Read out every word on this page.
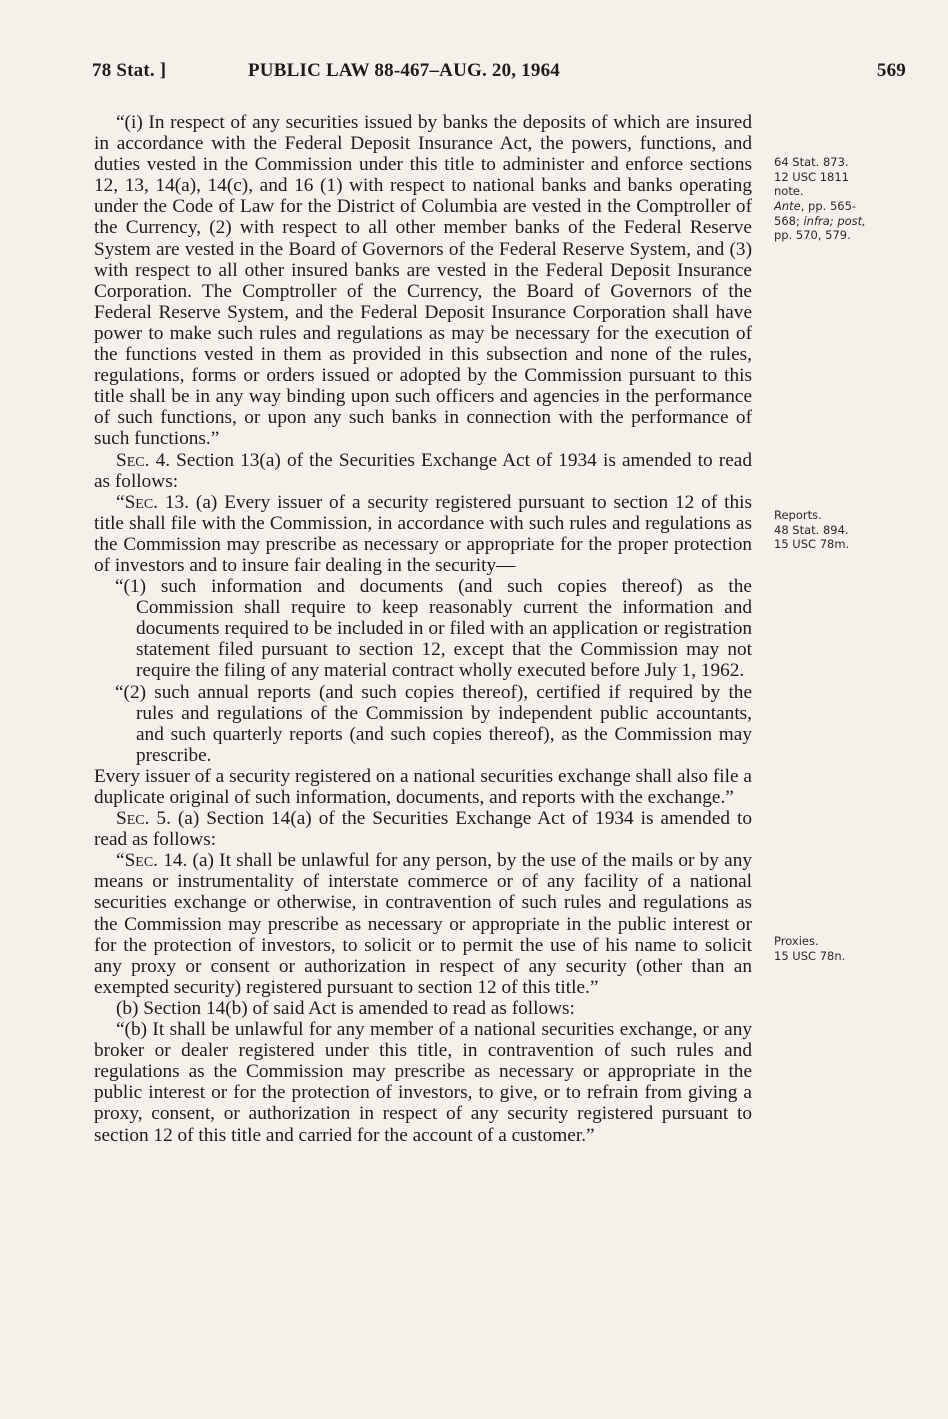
78 Stat. ]	PUBLIC LAW 88-467–AUG. 20, 1964	569

“(i) In respect of any securities issued by banks the deposits of which are insured in accordance with the Federal Deposit Insurance Act, the powers, functions, and duties vested in the Commission under this title to administer and enforce sections 12, 13, 14(a), 14(c), and 16 (1) with respect to national banks and banks operating under the Code of Law for the District of Columbia are vested in the Comptroller of the Currency, (2) with respect to all other member banks of the Federal Reserve System are vested in the Board of Governors of the Federal Reserve System, and (3) with respect to all other insured banks are vested in the Federal Deposit Insurance Corporation. The Comptroller of the Currency, the Board of Governors of the Federal Reserve System, and the Federal Deposit Insurance Corporation shall have power to make such rules and regulations as may be necessary for the execution of the functions vested in them as provided in this subsection and none of the rules, regulations, forms or orders issued or adopted by the Commission pursuant to this title shall be in any way binding upon such officers and agencies in the performance of such functions, or upon any such banks in connection with the performance of such functions.”

Sec. 4. Section 13(a) of the Securities Exchange Act of 1934 is amended to read as follows:

“Sec. 13. (a) Every issuer of a security registered pursuant to section 12 of this title shall file with the Commission, in accordance with such rules and regulations as the Commission may prescribe as necessary or appropriate for the proper protection of investors and to insure fair dealing in the security—

“(1) such information and documents (and such copies thereof) as the Commission shall require to keep reasonably current the information and documents required to be included in or filed with an application or registration statement filed pursuant to section 12, except that the Commission may not require the filing of any material contract wholly executed before July 1, 1962.

“(2) such annual reports (and such copies thereof), certified if required by the rules and regulations of the Commission by independent public accountants, and such quarterly reports (and such copies thereof), as the Commission may prescribe.

Every issuer of a security registered on a national securities exchange shall also file a duplicate original of such information, documents, and reports with the exchange.”

Sec. 5. (a) Section 14(a) of the Securities Exchange Act of 1934 is amended to read as follows:

“Sec. 14. (a) It shall be unlawful for any person, by the use of the mails or by any means or instrumentality of interstate commerce or of any facility of a national securities exchange or otherwise, in contravention of such rules and regulations as the Commission may prescribe as necessary or appropriate in the public interest or for the protection of investors, to solicit or to permit the use of his name to solicit any proxy or consent or authorization in respect of any security (other than an exempted security) registered pursuant to section 12 of this title.”

(b) Section 14(b) of said Act is amended to read as follows:

“(b) It shall be unlawful for any member of a national securities exchange, or any broker or dealer registered under this title, in contravention of such rules and regulations as the Commission may prescribe as necessary or appropriate in the public interest or for the protection of investors, to give, or to refrain from giving a proxy, consent, or authorization in respect of any security registered pursuant to section 12 of this title and carried for the account of a customer.”

64 Stat. 873.
12 USC 1811
note.
Ante, pp. 565-
568; infra; post,
pp. 570, 579.
Reports.
48 Stat. 894.
15 USC 78m.
Proxies.
15 USC 78n.
